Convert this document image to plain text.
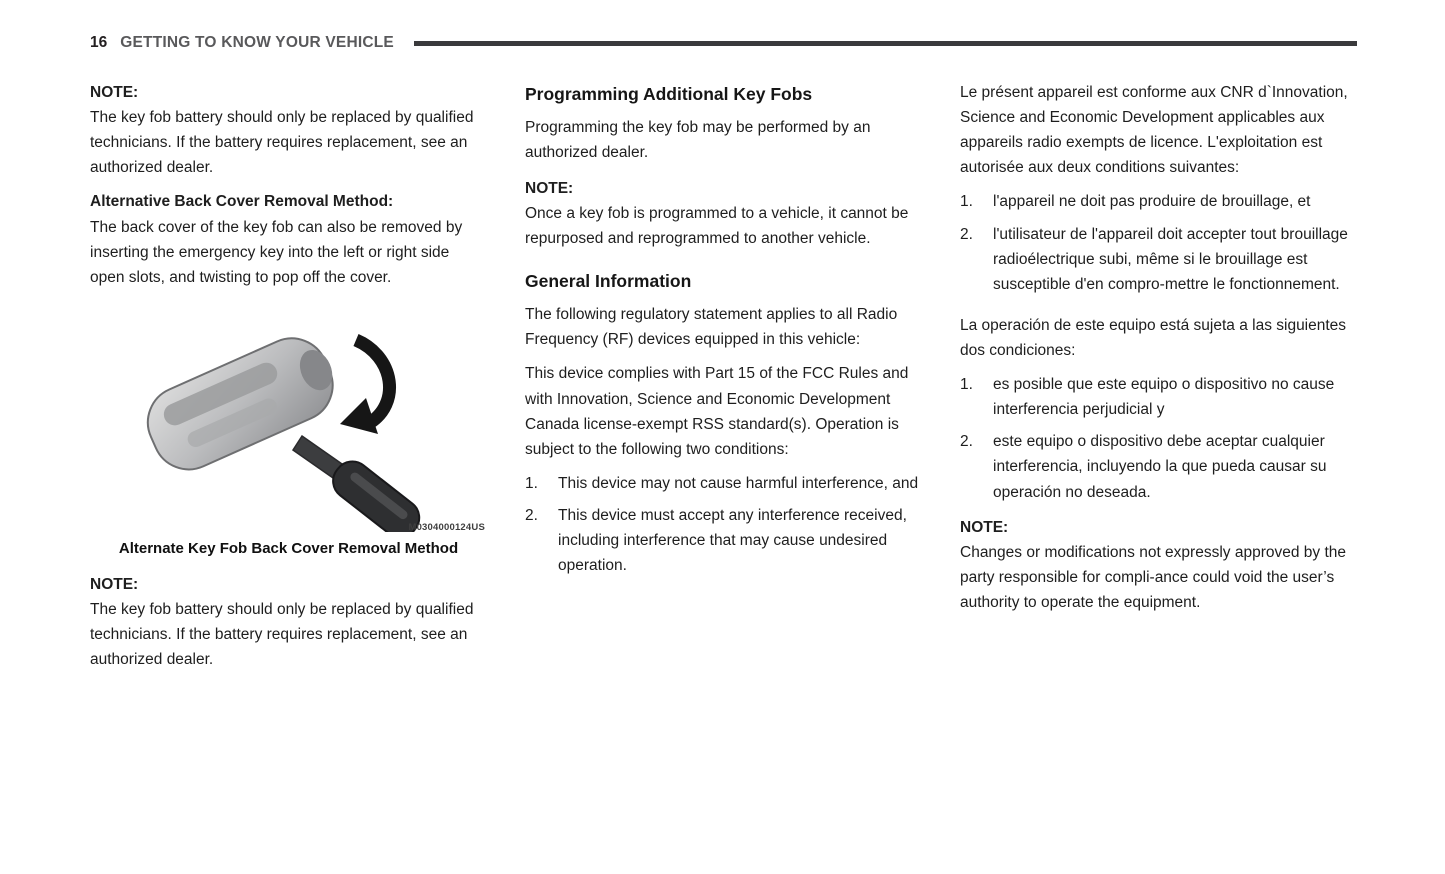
16 GETTING TO KNOW YOUR VEHICLE

NOTE:

The key fob battery should only be replaced by qualified technicians. If the battery requires replacement, see an authorized dealer.

Alternative Back Cover Removal Method:

The back cover of the key fob can also be removed by inserting the emergency key into the left or right side open slots, and twisting to pop off the cover.

M0304000124US
Alternate Key Fob Back Cover Removal Method

NOTE:

The key fob battery should only be replaced by qualified technicians. If the battery requires replacement, see an authorized dealer.

Programming Additional Key Fobs

Programming the key fob may be performed by an authorized dealer.

NOTE:

Once a key fob is programmed to a vehicle, it cannot be repurposed and reprogrammed to another vehicle.

General Information

The following regulatory statement applies to all Radio Frequency (RF) devices equipped in this vehicle:

This device complies with Part 15 of the FCC Rules and with Innovation, Science and Economic Development Canada license-exempt RSS standard(s). Operation is subject to the following two conditions:

1.	This device may not cause harmful interference, and
2.	This device must accept any interference received, including interference that may cause undesired operation.

Le présent appareil est conforme aux CNR d`Innovation, Science and Economic Development applicables aux appareils radio exempts de licence. L'exploitation est autorisée aux deux conditions suivantes:

1.	l'appareil ne doit pas produire de brouillage, et
2.	l'utilisateur de l'appareil doit accepter tout brouillage radioélectrique subi, même si le brouillage est susceptible d'en compro-mettre le fonctionnement.

La operación de este equipo está sujeta a las siguientes dos condiciones:

1.	es posible que este equipo o dispositivo no cause interferencia perjudicial y
2.	este equipo o dispositivo debe aceptar cualquier interferencia, incluyendo la que pueda causar su operación no deseada.

NOTE:

Changes or modifications not expressly approved by the party responsible for compli-ance could void the user’s authority to operate the equipment.
